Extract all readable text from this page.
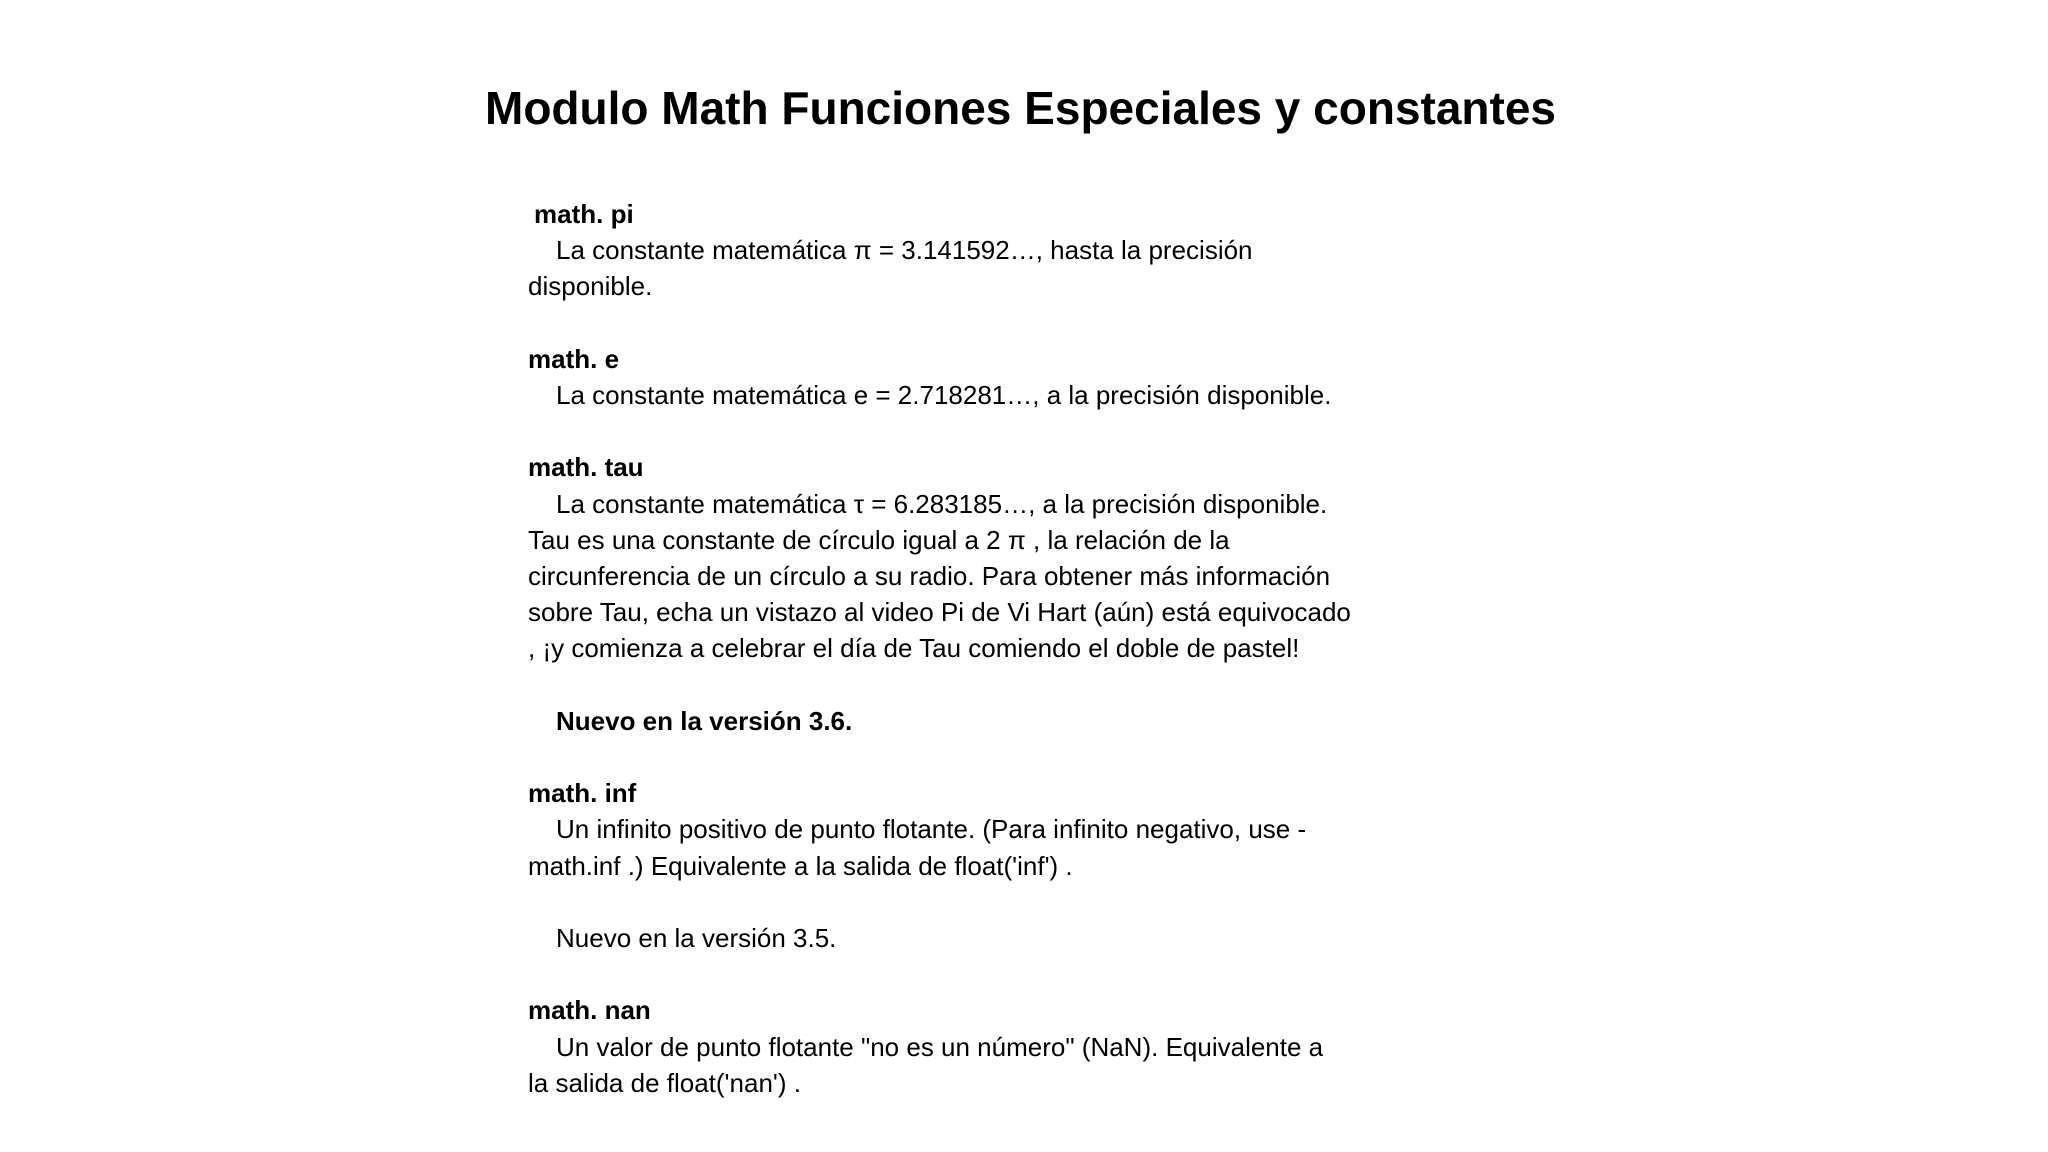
Modulo Math Funciones Especiales y constantes
math. pi
La constante matemática π = 3.141592…, hasta la precisión
disponible.
math. e
La constante matemática e = 2.718281…, a la precisión disponible.
math. tau
La constante matemática τ = 6.283185…, a la precisión disponible.
Tau es una constante de círculo igual a 2 π , la relación de la
circunferencia de un círculo a su radio. Para obtener más información
sobre Tau, echa un vistazo al video Pi de Vi Hart (aún) está equivocado
, ¡y comienza a celebrar el día de Tau comiendo el doble de pastel!
Nuevo en la versión 3.6.
math. inf
Un infinito positivo de punto flotante. (Para infinito negativo, use -
math.inf .) Equivalente a la salida de float('inf') .
Nuevo en la versión 3.5.
math. nan
Un valor de punto flotante "no es un número" (NaN). Equivalente a
la salida de float('nan') .
